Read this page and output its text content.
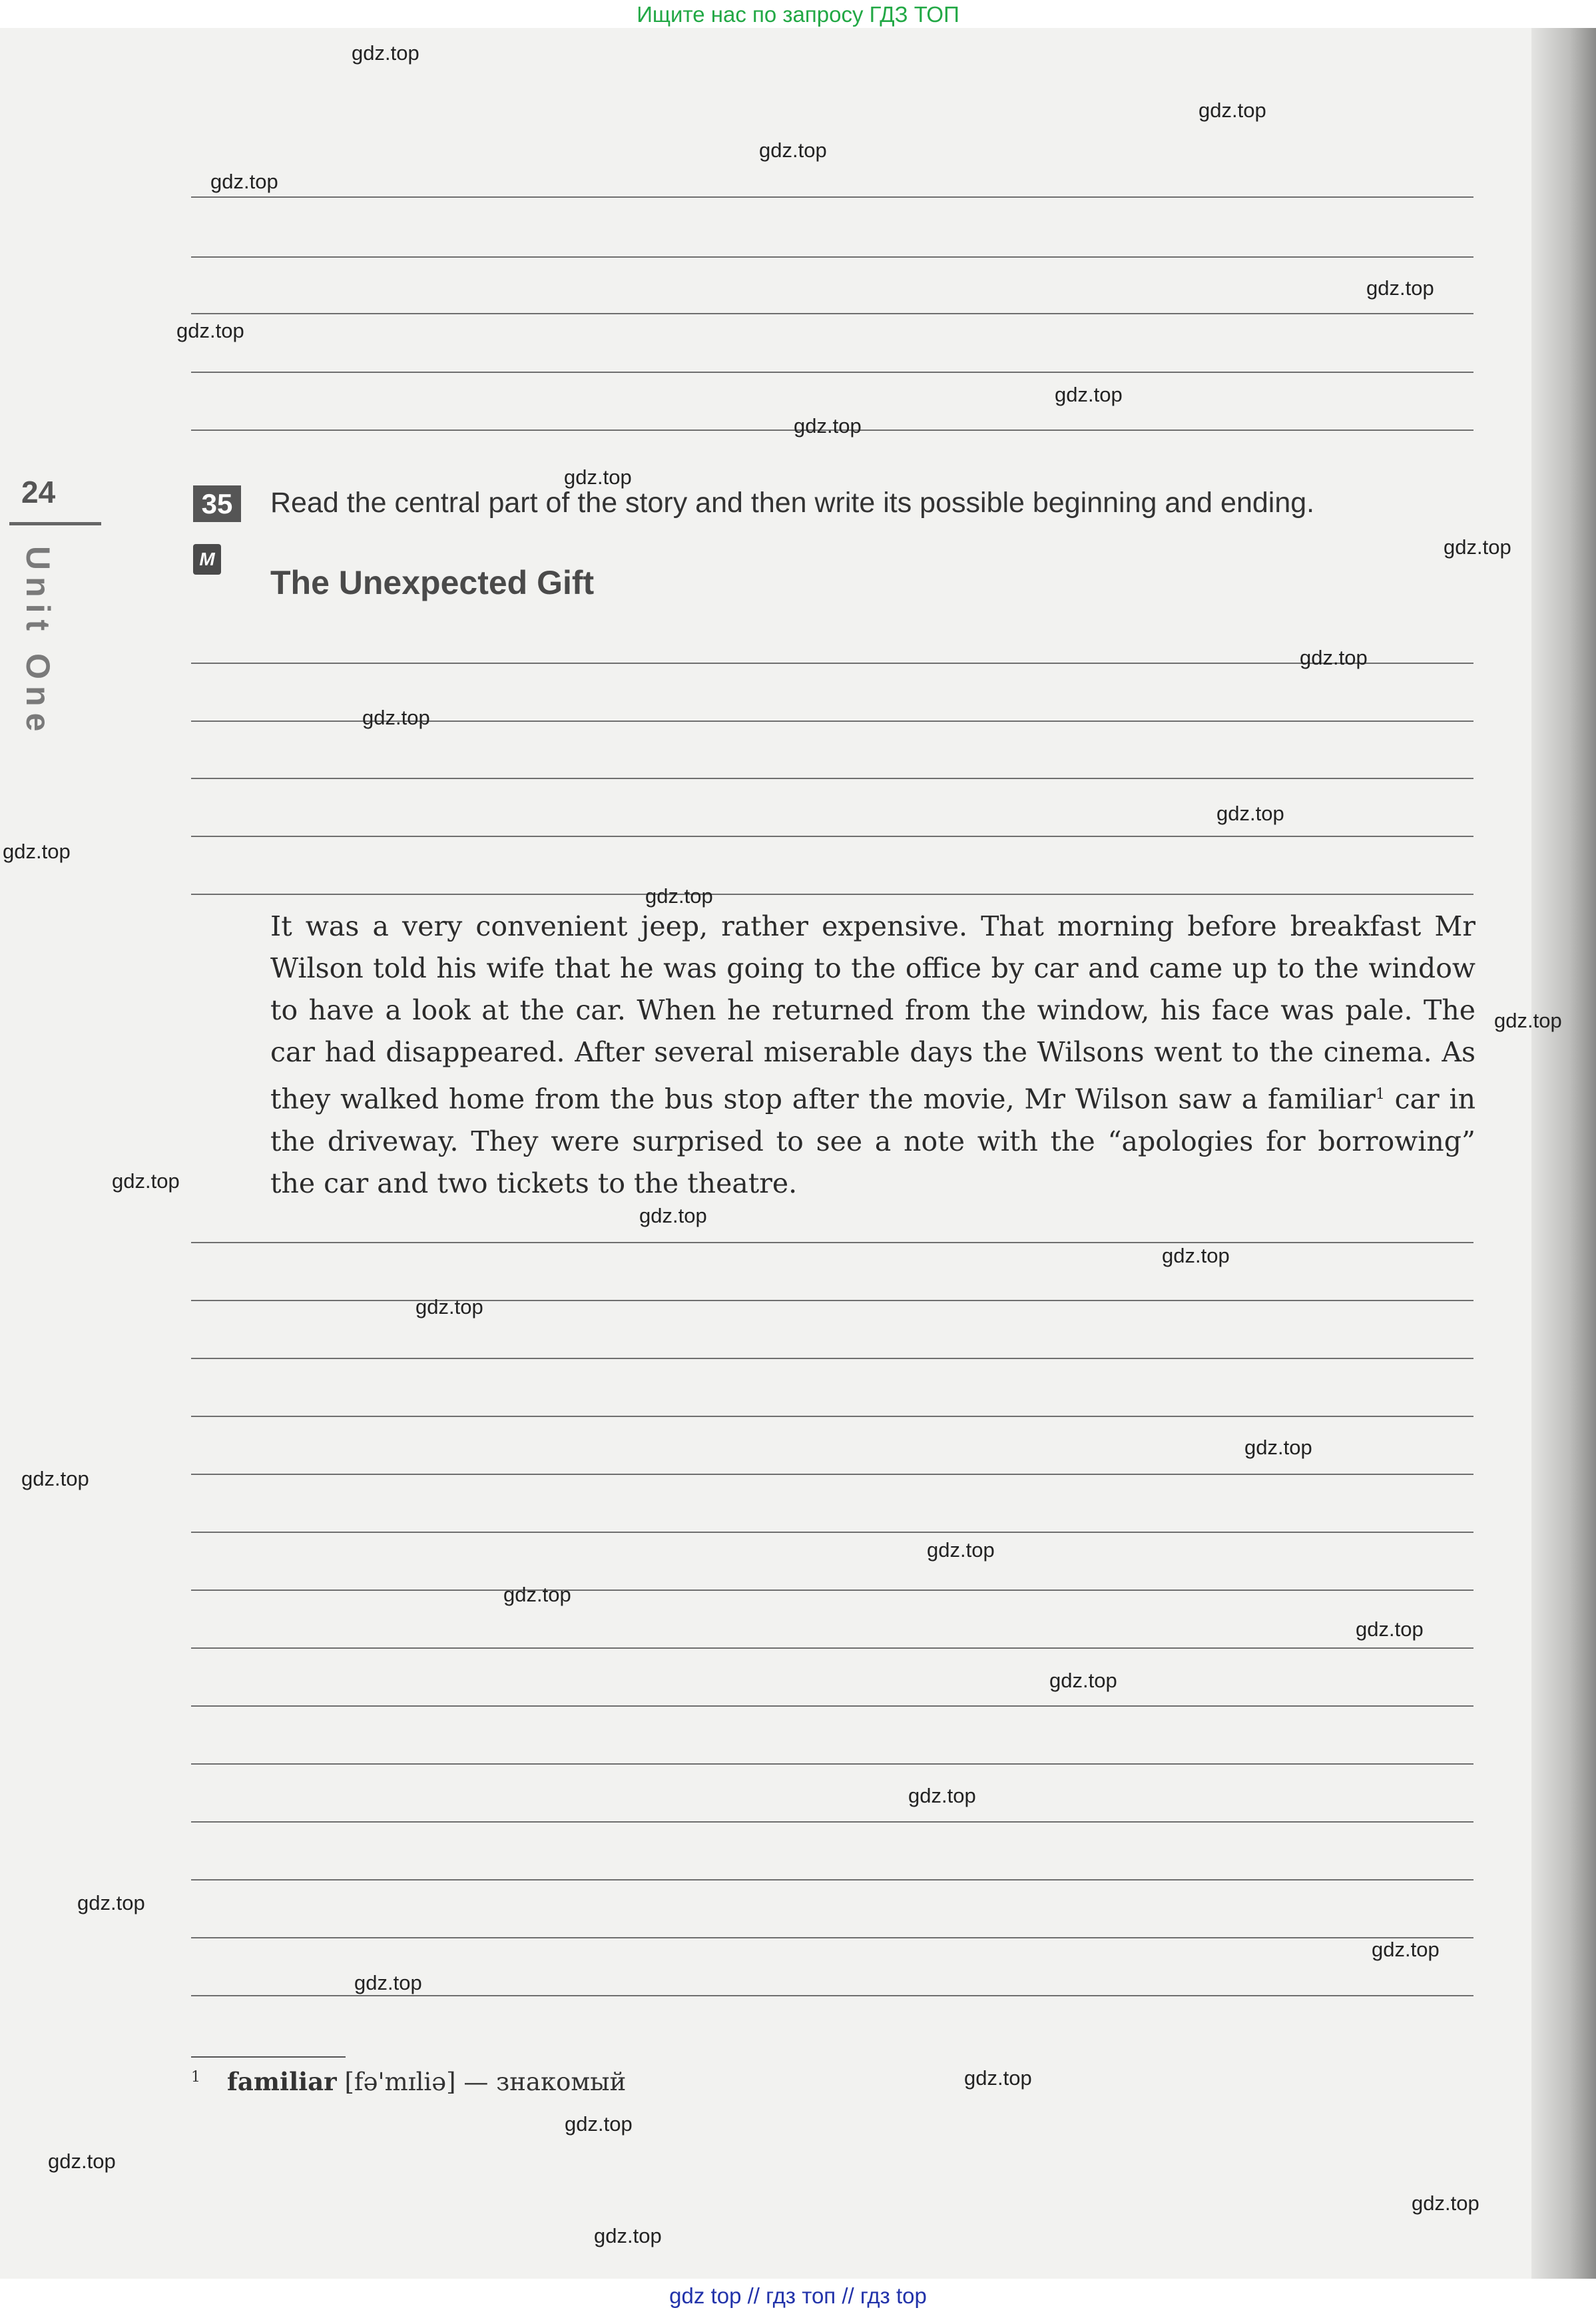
Ищите нас по запросу ГДЗ ТОП
24
Unit One
35 Read the central part of the story and then write its possible beginning and ending.
M
The Unexpected Gift
It was a very convenient jeep, rather expensive. That morning before breakfast Mr Wilson told his wife that he was going to the office by car and came up to the window to have a look at the car. When he returned from the window, his face was pale. The car had disappeared. After several miserable days the Wilsons went to the cinema. As they walked home from the bus stop after the movie, Mr Wilson saw a familiar$^1$ car in the driveway. They were surprised to see a note with the “apologies for borrowing” the car and two tickets to the theatre.
$^1$ familiar [fə'mɪliə] — знакомый
gdz.top
gdz.top
gdz.top
gdz.top
gdz.top
gdz.top
gdz.top
gdz.top
gdz.top
gdz.top
gdz.top
gdz.top
gdz.top
gdz.top
gdz.top
gdz.top
gdz.top
gdz.top
gdz.top
gdz.top
gdz.top
gdz.top
gdz.top
gdz.top
gdz.top
gdz.top
gdz.top
gdz.top
gdz.top
gdz.top
gdz.top
gdz.top
gdz.top
gdz.top
gdz.top
gdz top // гдз топ // гдз top
